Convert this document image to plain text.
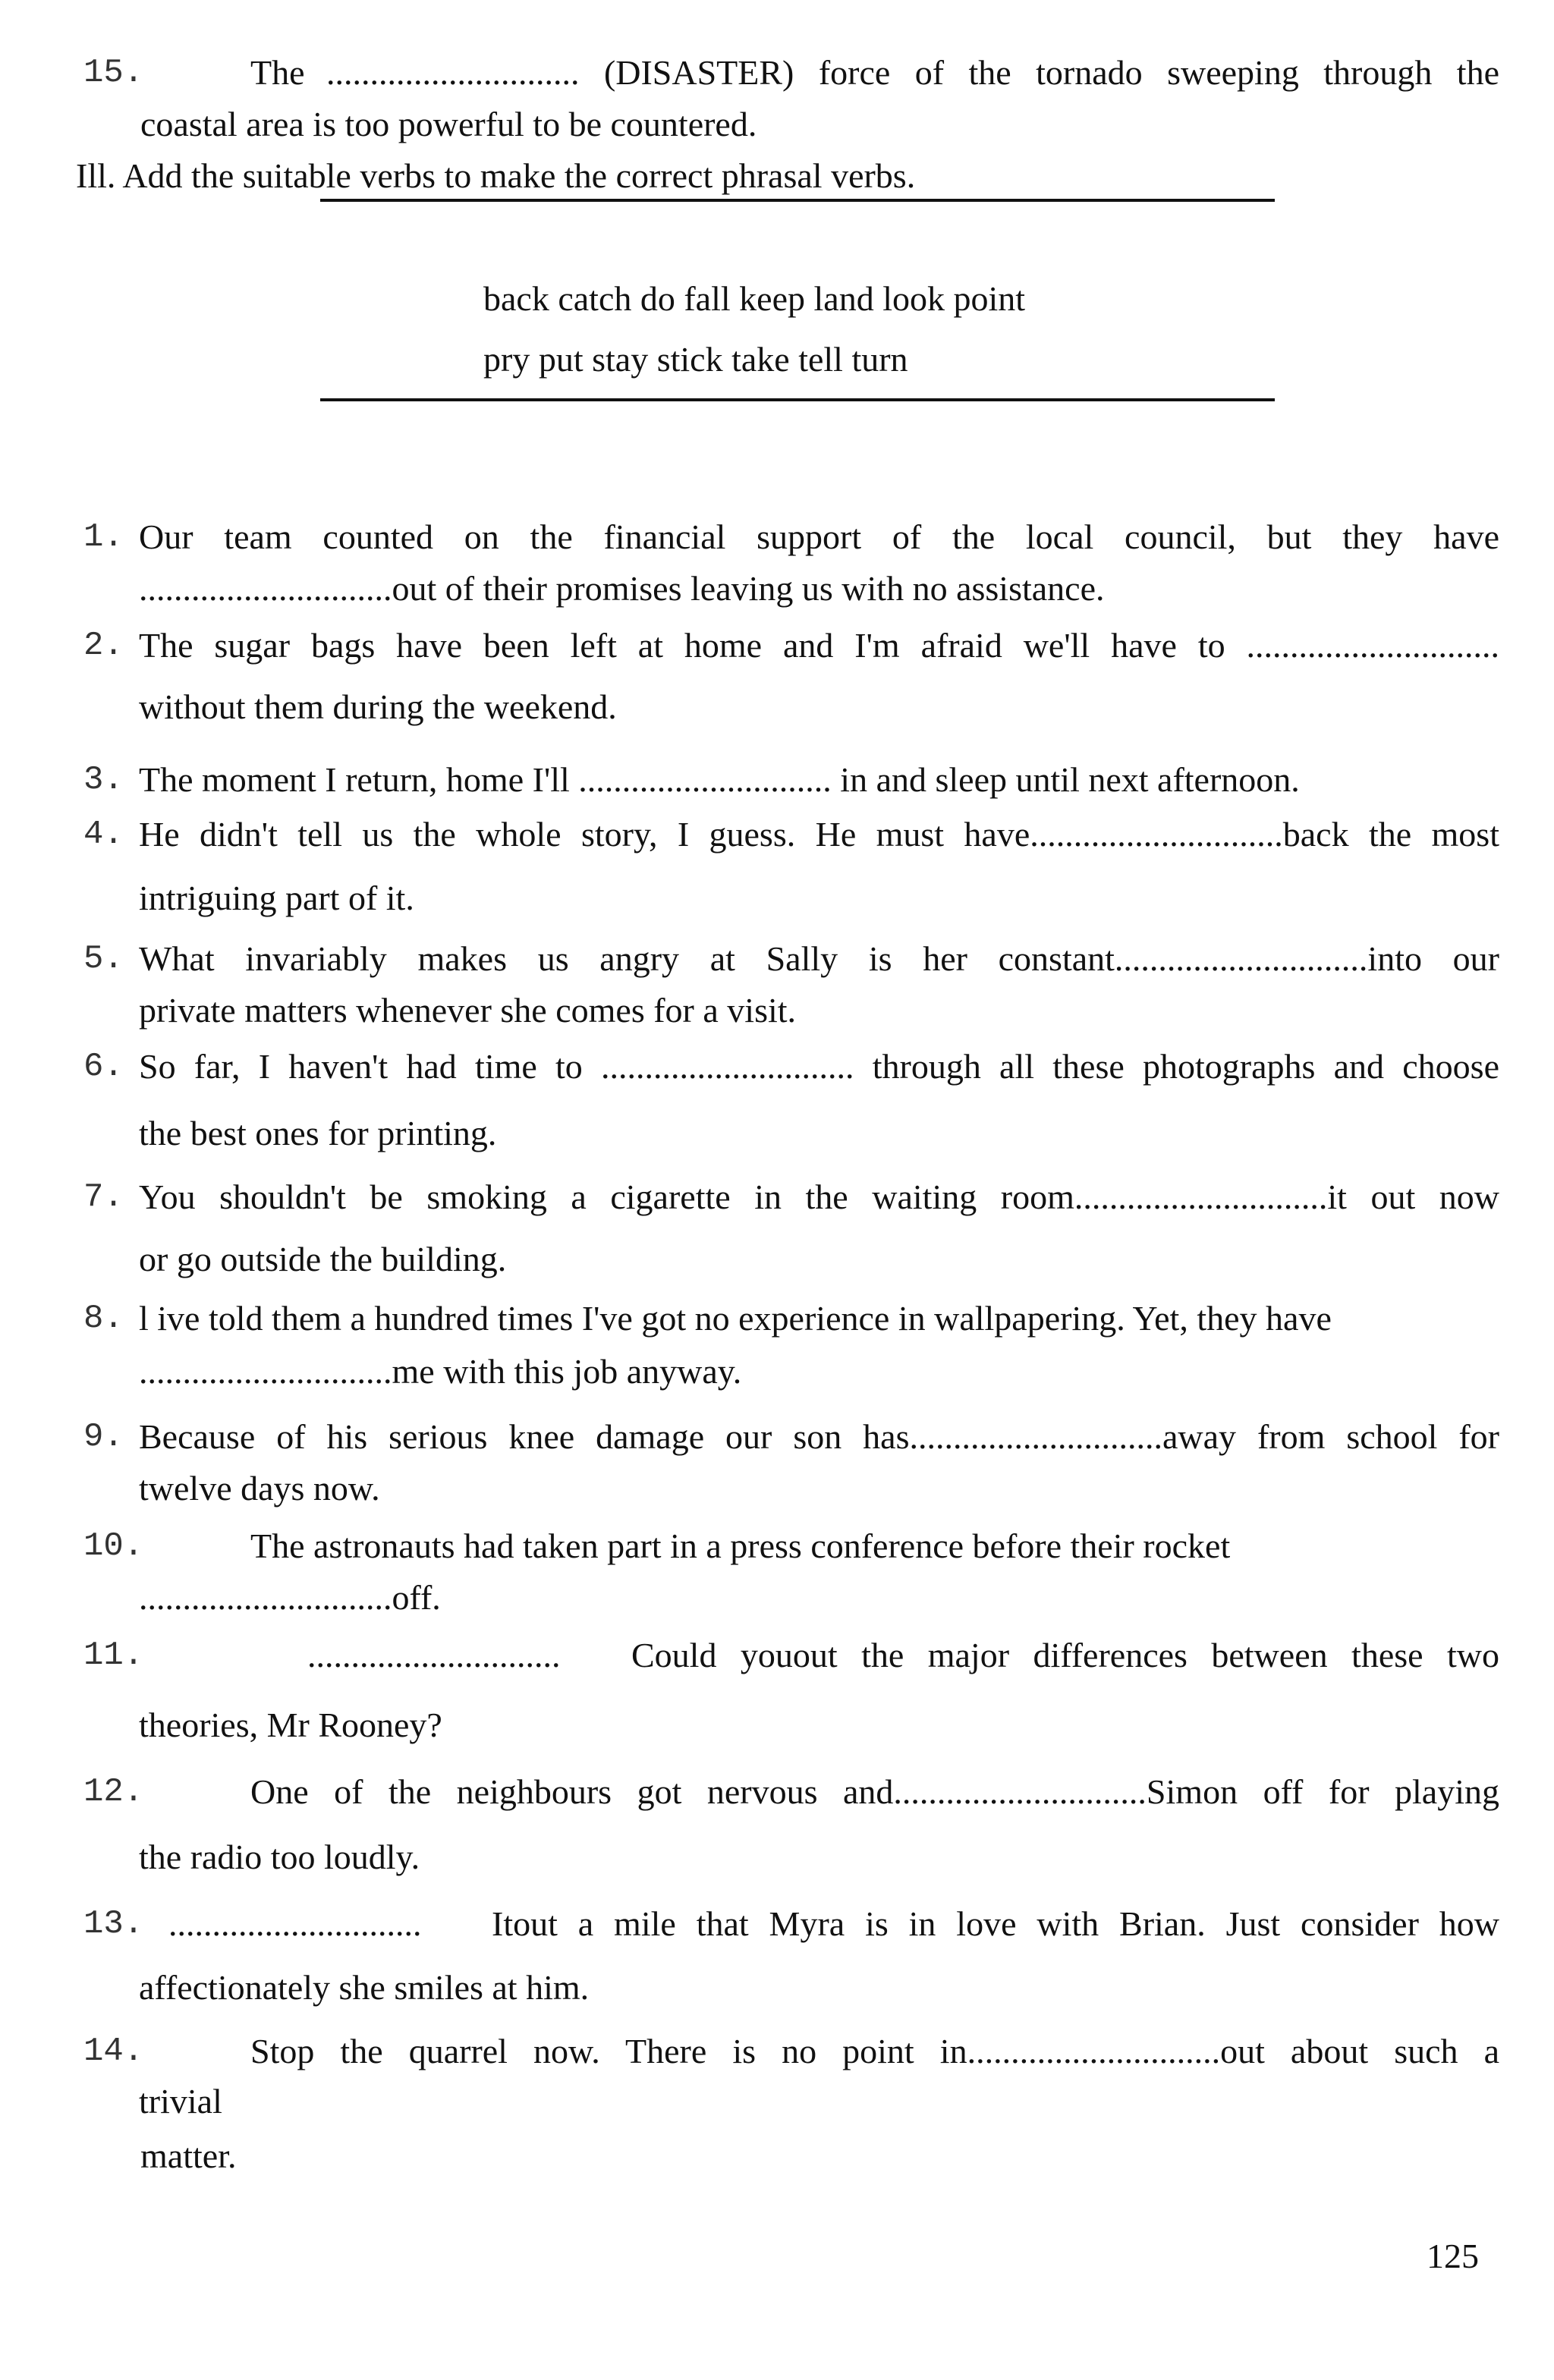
15.	The ............................. (DISASTER) force of the tornado sweeping through the
coastal area is too powerful to be countered.
Ill. Add the suitable verbs to make the correct phrasal verbs.
back catch do fall keep land look point
pry put stay stick take tell turn
1. Our team counted on the financial support of the local council, but they have
.............................out of their promises leaving us with no assistance.
2. The sugar bags have been left at home and I'm afraid we'll have to .............................
without them during the weekend.
3. The moment I return, home I'll ............................. in and sleep until next afternoon.
4. He didn't tell us the whole story, I guess. He must have.............................back the most
intriguing part of it.
5. What invariably makes us angry at Sally is her constant.............................into our
private matters whenever she comes for a visit.
6. So far, I haven't had time to ............................. through all these photographs and choose
the best ones for printing.
7. You shouldn't be smoking a cigarette in the waiting room.............................it out now
or go outside the building.
8. l ive told them a hundred times I've got no experience in wallpapering. Yet, they have
.............................me with this job anyway.
9. Because of his serious knee damage our son has.............................away from school for
twelve days now.
10.	The astronauts had taken part in a press conference before their rocket
.............................off.
11.	............................. Could youout the major differences between these two
theories, Mr Rooney?
12.	One of the neighbours got nervous and.............................Simon off for playing
the radio too loudly.
13. ............................. Itout a mile that Myra is in love with Brian. Just consider how
affectionately she smiles at him.
14.	Stop the quarrel now. There is no point in.............................out about such a
trivial
matter.
125
